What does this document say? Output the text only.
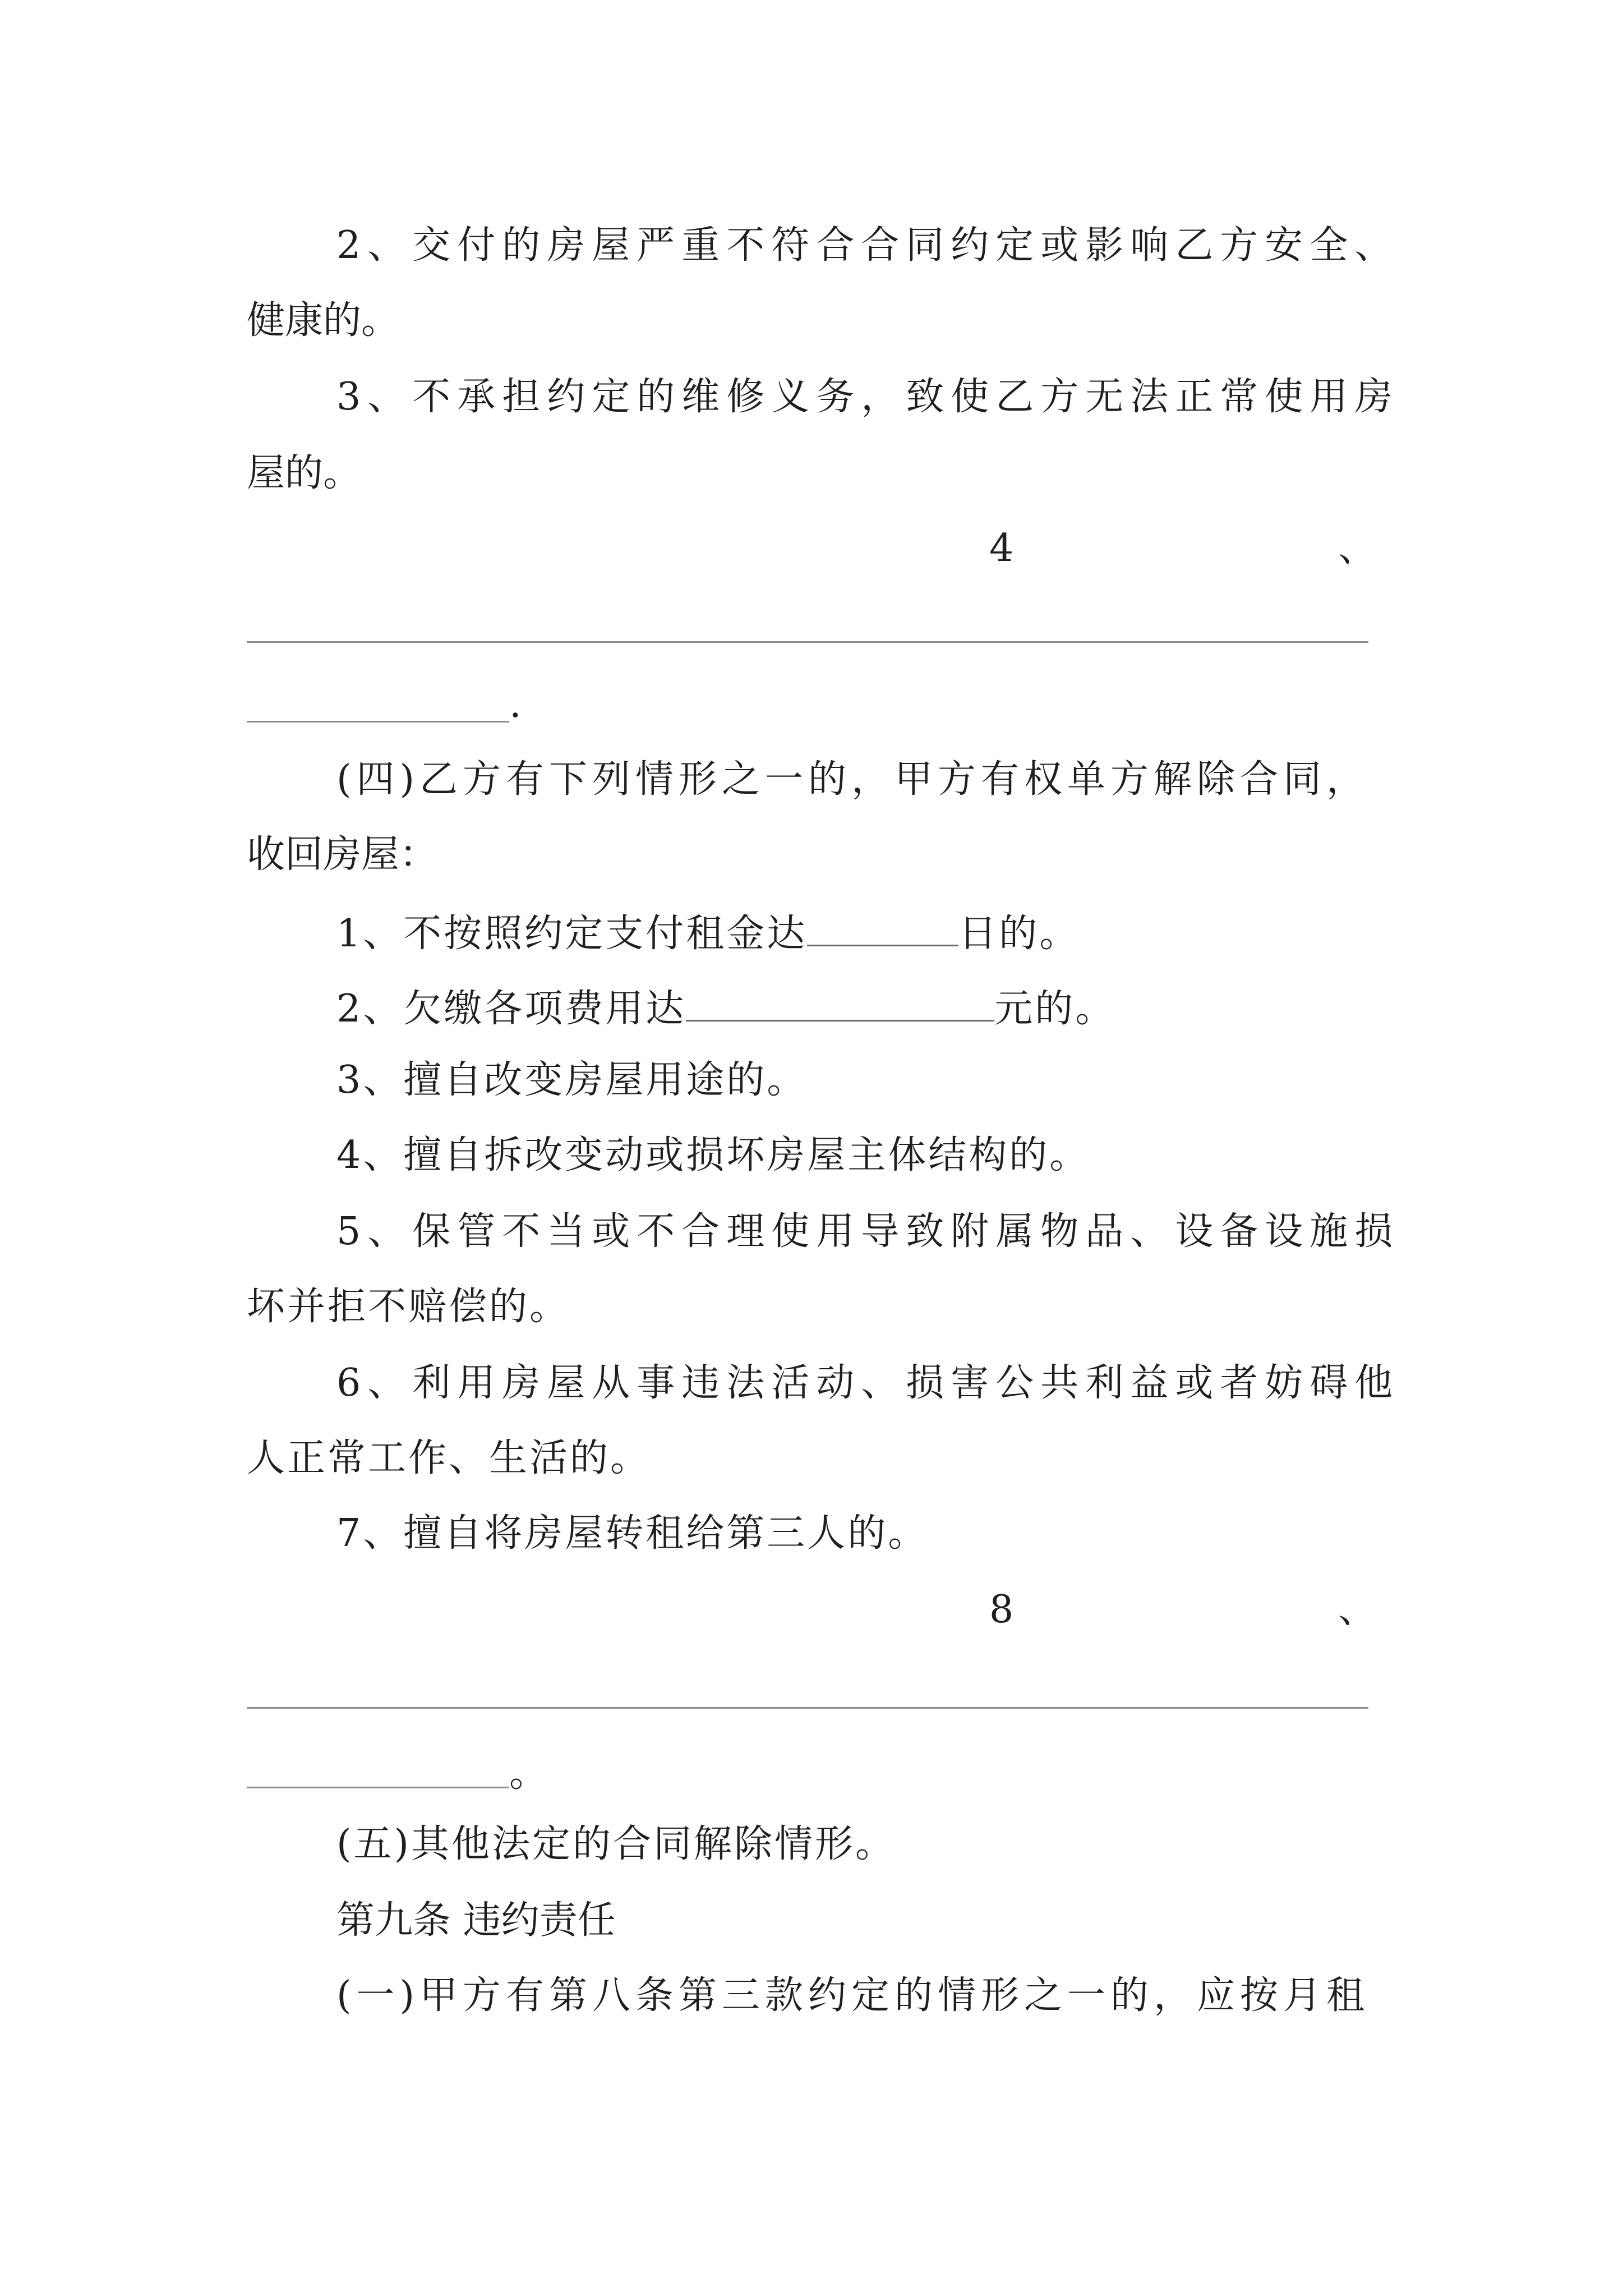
2、交付的房屋严重不符合合同约定或影响乙方安全、
健康的。
3、不承担约定的维修义务，致使乙方无法正常使用房
屋的。
4	、
.
(四)乙方有下列情形之一的，甲方有权单方解除合同，
收回房屋：
1、不按照约定支付租金达	日的。
2、欠缴各项费用达	元的。
3、擅自改变房屋用途的。
4、擅自拆改变动或损坏房屋主体结构的。
5、保管不当或不合理使用导致附属物品、设备设施损
坏并拒不赔偿的。
6、利用房屋从事违法活动、损害公共利益或者妨碍他
人正常工作、生活的。
7、擅自将房屋转租给第三人的。
8	、
。
(五)其他法定的合同解除情形。
第九条 违约责任
(一)甲方有第八条第三款约定的情形之一的，应按月租
